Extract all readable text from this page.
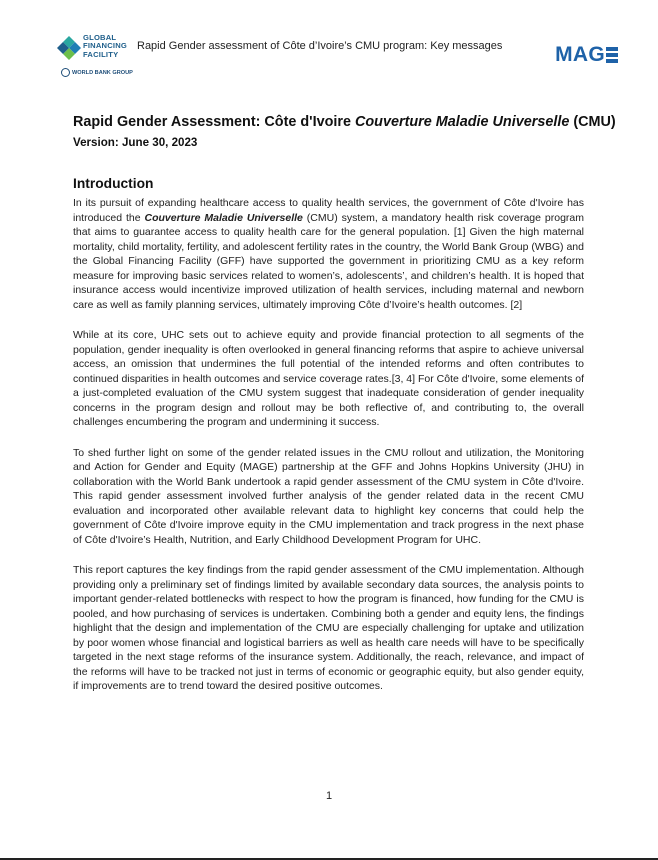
GLOBAL
FINANCING
FACILITY
WORLD BANK GROUP
Rapid Gender assessment of Côte d’Ivoire’s CMU program: Key messages	MAG
Rapid Gender Assessment: Côte d'Ivoire Couverture Maladie Universelle (CMU)
Version: June 30, 2023
Introduction

In its pursuit of expanding healthcare access to quality health services, the government of Côte d'Ivoire has introduced the Couverture Maladie Universelle (CMU) system, a mandatory health risk coverage program that aims to guarantee access to quality health care for the general population. [1] Given the high maternal mortality, child mortality, fertility, and adolescent fertility rates in the country, the World Bank Group (WBG) and the Global Financing Facility (GFF) have supported the government in prioritizing CMU as a key reform measure for improving basic services related to women’s, adolescents’, and children’s health. It is hoped that insurance access would incentivize improved utilization of health services, including maternal and newborn care as well as family planning services, ultimately improving Côte d’Ivoire’s health outcomes. [2]

While at its core, UHC sets out to achieve equity and provide financial protection to all segments of the population, gender inequality is often overlooked in general financing reforms that aspire to achieve universal access, an omission that undermines the full potential of the intended reforms and often contributes to continued disparities in health outcomes and service coverage rates.[3, 4] For Côte d'Ivoire, some elements of a just-completed evaluation of the CMU system suggest that inadequate consideration of gender inequality concerns in the program design and rollout may be both reflective of, and contributing to, the overall challenges encumbering the program and undermining it success.

To shed further light on some of the gender related issues in the CMU rollout and utilization, the Monitoring and Action for Gender and Equity (MAGE) partnership at the GFF and Johns Hopkins University (JHU) in collaboration with the World Bank undertook a rapid gender assessment of the CMU system in Côte d'Ivoire. This rapid gender assessment involved further analysis of the gender related data in the recent CMU evaluation and incorporated other available relevant data to highlight key concerns that could help the government of Côte d'Ivoire improve equity in the CMU implementation and track progress in the next phase of Côte d'Ivoire’s Health, Nutrition, and Early Childhood Development Program for UHC.

This report captures the key findings from the rapid gender assessment of the CMU implementation. Although providing only a preliminary set of findings limited by available secondary data sources, the analysis points to important gender-related bottlenecks with respect to how the program is financed, how funding for the CMU is pooled, and how purchasing of services is undertaken. Combining both a gender and equity lens, the findings highlight that the design and implementation of the CMU are especially challenging for uptake and utilization by poor women whose financial and logistical barriers as well as health care needs will have to be specifically targeted in the next stage reforms of the insurance system. Additionally, the reach, relevance, and impact of the reforms will have to be tracked not just in terms of economic or geographic equity, but also gender equity, if improvements are to trend toward the desired positive outcomes.

1
